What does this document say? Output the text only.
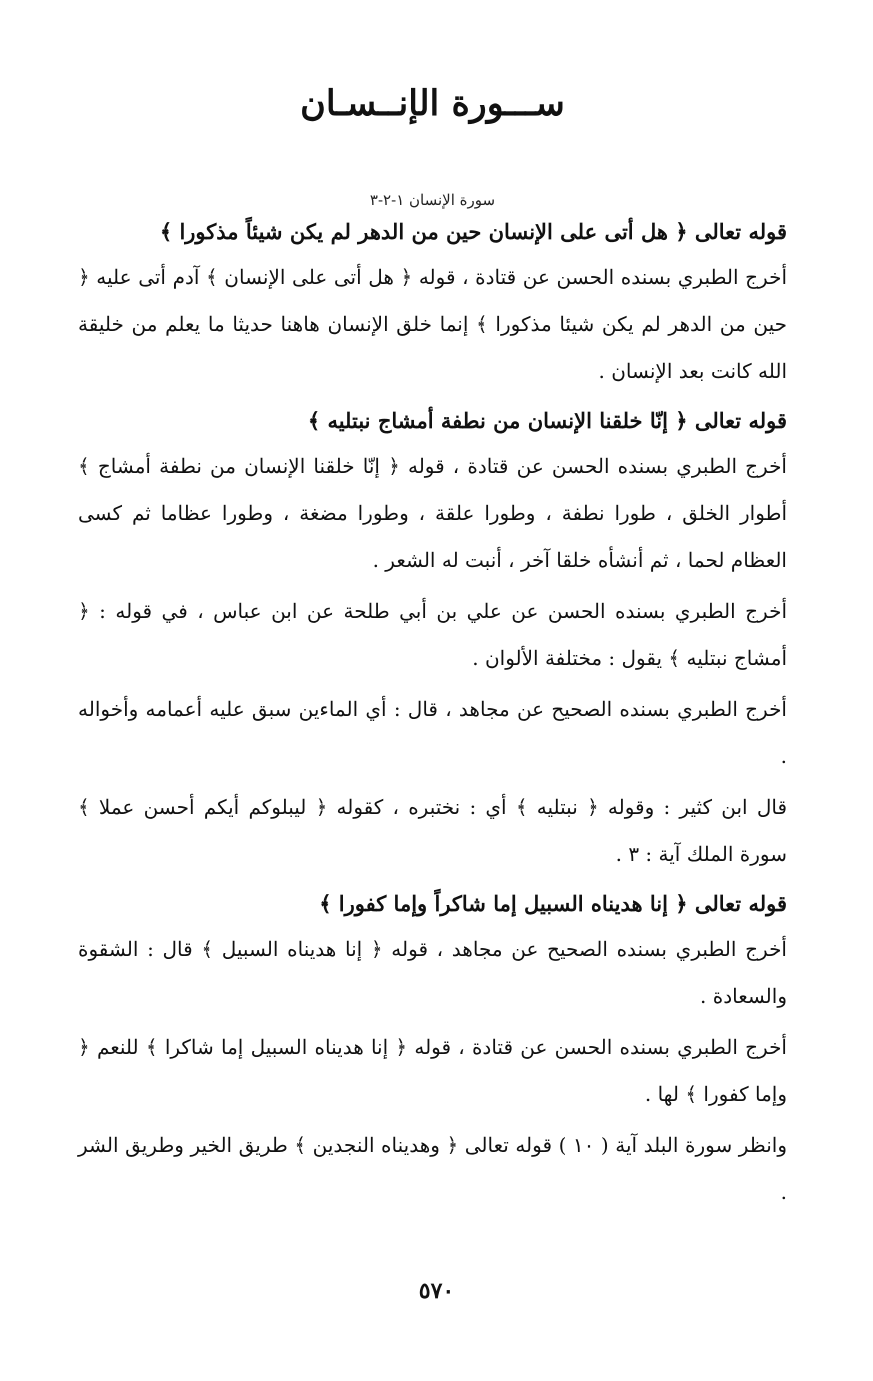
ســـورة الإنــسـان
سورة الإنسان ١-٢-٣
قوله تعالى ﴿ هل أتى على الإنسان حين من الدهر لم يكن شيئاً مذكورا ﴾

أخرج الطبري بسنده الحسن عن قتادة ، قوله ﴿ هل أتى على الإنسان ﴾ آدم أتى عليه ﴿ حين من الدهر لم يكن شيئا مذكورا ﴾ إنما خلق الإنسان هاهنا حديثا ما يعلم من خليقة الله كانت بعد الإنسان .

قوله تعالى ﴿ إنّا خلقنا الإنسان من نطفة أمشاج نبتليه ﴾

أخرج الطبري بسنده الحسن عن قتادة ، قوله ﴿ إنّا خلقنا الإنسان من نطفة أمشاج ﴾ أطوار الخلق ، طورا نطفة ، وطورا علقة ، وطورا مضغة ، وطورا عظاما ثم كسى العظام لحما ، ثم أنشأه خلقا آخر ، أنبت له الشعر .

أخرج الطبري بسنده الحسن عن علي بن أبي طلحة عن ابن عباس ، في قوله : ﴿ أمشاج نبتليه ﴾ يقول : مختلفة الألوان .

أخرج الطبري بسنده الصحيح عن مجاهد ، قال : أي الماءين سبق عليه أعمامه وأخواله .

قال ابن كثير : وقوله ﴿ نبتليه ﴾ أي : نختبره ، كقوله ﴿ ليبلوكم أيكم أحسن عملا ﴾ سورة الملك آية : ٣ .

قوله تعالى ﴿ إنا هديناه السبيل إما شاكراً وإما كفورا ﴾

أخرج الطبري بسنده الصحيح عن مجاهد ، قوله ﴿ إنا هديناه السبيل ﴾ قال : الشقوة والسعادة .

أخرج الطبري بسنده الحسن عن قتادة ، قوله ﴿ إنا هديناه السبيل إما شاكرا ﴾ للنعم ﴿ وإما كفورا ﴾ لها .

وانظر سورة البلد آية ( ١٠ ) قوله تعالى ﴿ وهديناه النجدين ﴾ طريق الخير وطريق الشر .

٥٧٠
